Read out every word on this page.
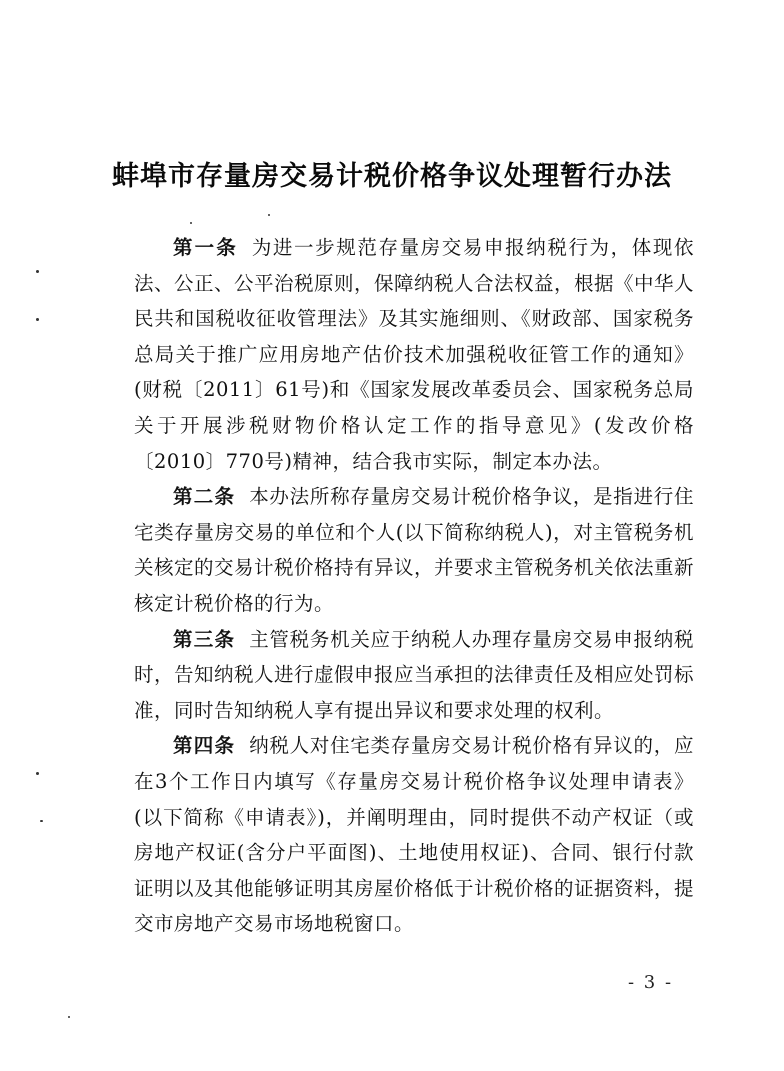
蚌埠市存量房交易计税价格争议处理暂行办法

第一条 为进一步规范存量房交易申报纳税行为，体现依法、公正、公平治税原则，保障纳税人合法权益，根据《中华人民共和国税收征收管理法》及其实施细则、《财政部、国家税务总局关于推广应用房地产估价技术加强税收征管工作的通知》(财税〔2011〕61号)和《国家发展改革委员会、国家税务总局关于开展涉税财物价格认定工作的指导意见》(发改价格〔2010〕770号)精神，结合我市实际，制定本办法。

第二条 本办法所称存量房交易计税价格争议，是指进行住宅类存量房交易的单位和个人(以下简称纳税人)，对主管税务机关核定的交易计税价格持有异议，并要求主管税务机关依法重新核定计税价格的行为。

第三条 主管税务机关应于纳税人办理存量房交易申报纳税时，告知纳税人进行虚假申报应当承担的法律责任及相应处罚标准，同时告知纳税人享有提出异议和要求处理的权利。

第四条 纳税人对住宅类存量房交易计税价格有异议的，应在3个工作日内填写《存量房交易计税价格争议处理申请表》(以下简称《申请表》)，并阐明理由，同时提供不动产权证（或房地产权证(含分户平面图)、土地使用权证)、合同、银行付款证明以及其他能够证明其房屋价格低于计税价格的证据资料，提交市房地产交易市场地税窗口。

- 3 -
